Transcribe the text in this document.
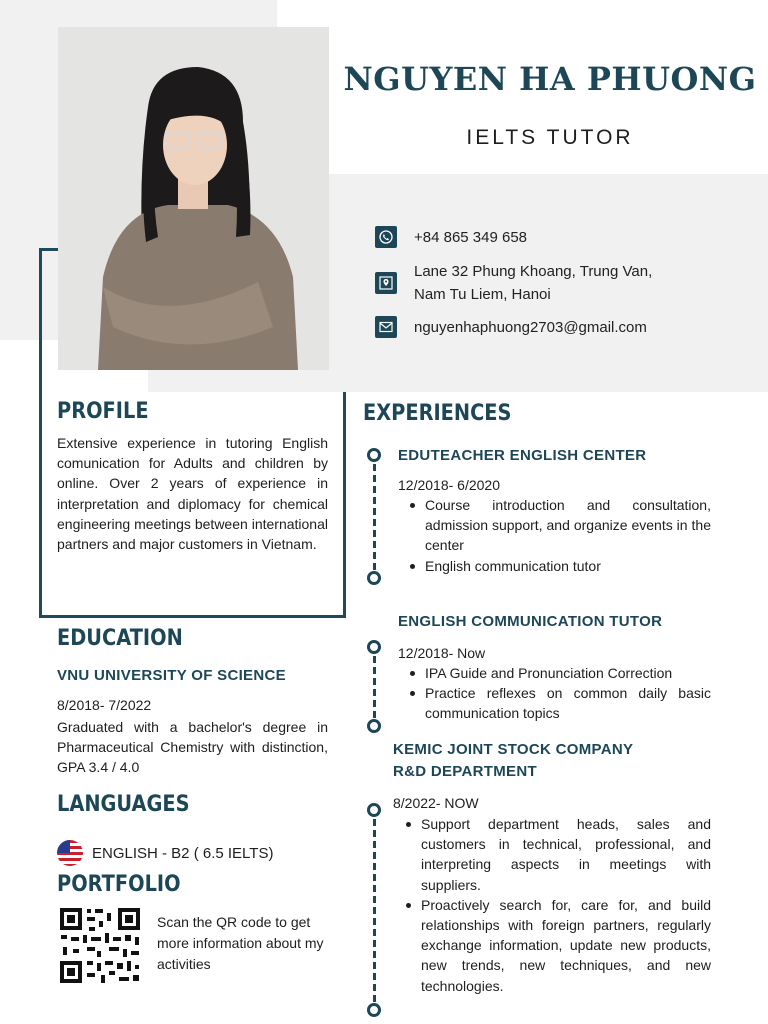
NGUYEN HA PHUONG
IELTS TUTOR
+84 865 349 658
Lane 32 Phung Khoang, Trung Van, Nam Tu Liem, Hanoi
nguyenhaphuong2703@gmail.com
PROFILE
Extensive experience in tutoring English comunication for Adults and children by online. Over 2 years of experience in interpretation and diplomacy for chemical engineering meetings between international partners and major customers in Vietnam.
EDUCATION
VNU UNIVERSITY OF SCIENCE
8/2018- 7/2022
Graduated with a bachelor's degree in Pharmaceutical Chemistry with distinction, GPA 3.4 / 4.0
LANGUAGES
ENGLISH - B2 ( 6.5 IELTS)
PORTFOLIO
Scan the QR code to get more information about my activities
EXPERIENCES
EDUTEACHER ENGLISH CENTER
12/2018- 6/2020
Course introduction and consultation, admission support, and organize events in the center
English communication tutor
ENGLISH COMMUNICATION TUTOR
12/2018- Now
IPA Guide and Pronunciation Correction
Practice reflexes on common daily basic communication topics
KEMIC JOINT STOCK COMPANY
R&D DEPARTMENT
8/2022- NOW
Support department heads, sales and customers in technical, professional, and interpreting aspects in meetings with suppliers.
Proactively search for, care for, and build relationships with foreign partners, regularly exchange information, update new products, new trends, new techniques, and new technologies.
